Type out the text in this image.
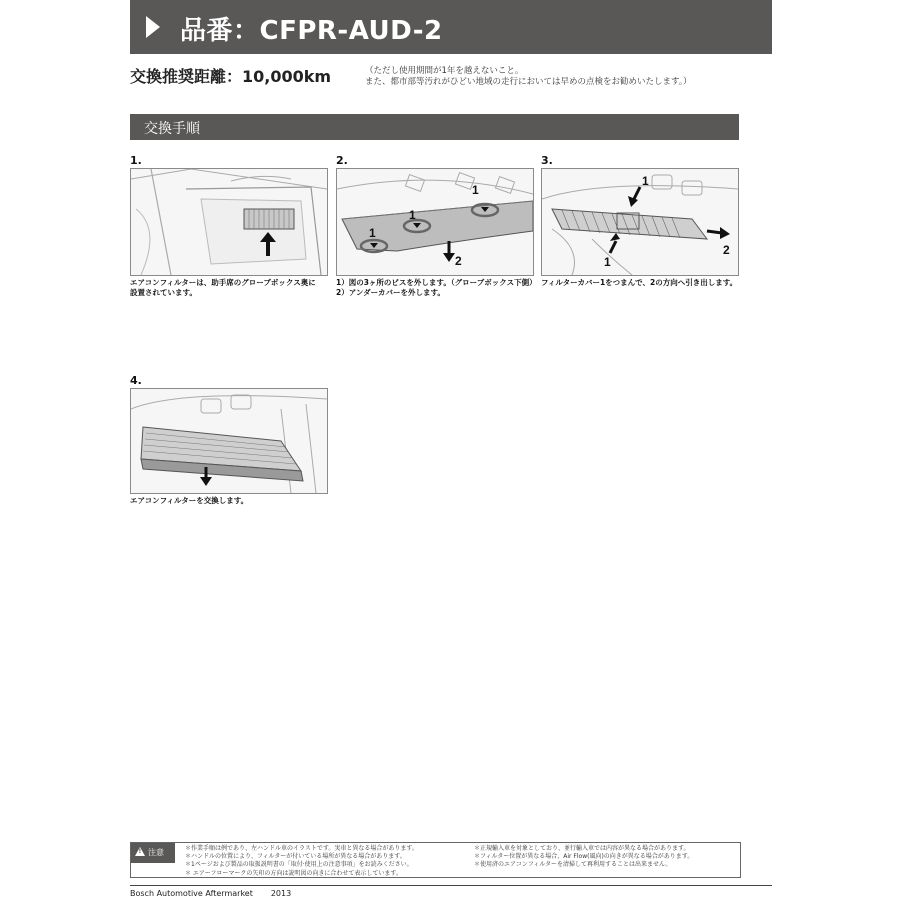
品番：CFPR-AUD-2
交換推奨距離：10,000km	（ただし使用期間が1年を越えないこと。
また、都市部等汚れがひどい地域の走行においては早めの点検をお勧めいたします。）
交換手順
1.
エアコンフィルターは、助手席のグローブボックス奥に
設置されています。
2.
1
1
1
2
1）図の3ヶ所のビスを外します。（グローブボックス下側）
2）アンダーカバーを外します。
3.
1
1
2
フィルターカバー1をつまんで、2の方向へ引き出します。
4.
エアコンフィルターを交換します。
!注意	＊作業手順は例であり、左ハンドル車のイラストです。実車と異なる場合があります。
＊ハンドルの位置により、フィルターが付いている場所が異なる場合があります。
＊1ページおよび製品の取扱説明書の「取付·使用上の注意事項」をお読みください。
＊ エアーフローマークの矢印の方向は説明図の向きに合わせて表示しています。
＊正規輸入車を対象としており、並行輸入車では内容が異なる場合があります。
＊フィルター位置が異なる場合、Air Flow(風向)の向きが異なる場合があります。
＊使用済のエアコンフィルターを清掃して再利用することは出来ません。
Bosch Automotive Aftermarket 2013
